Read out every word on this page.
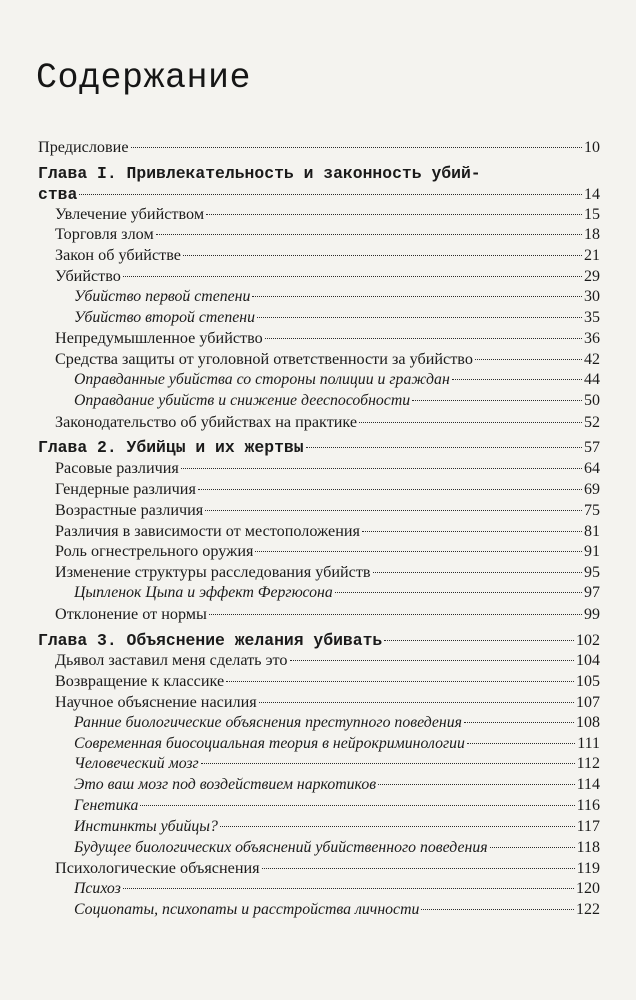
Содержание
Предисловие	10
Глава I. Привлекательность и законность убий-
ства	14
Увлечение убийством	15
Торговля злом	18
Закон об убийстве	21
Убийство	29
Убийство первой степени	30
Убийство второй степени	35
Непредумышленное убийство	36
Средства защиты от уголовной ответственности за убийство	42
Оправданные убийства со стороны полиции и граждан	44
Оправдание убийств и снижение дееспособности	50
Законодательство об убийствах на практике	52
Глава 2. Убийцы и их жертвы	57
Расовые различия	64
Гендерные различия	69
Возрастные различия	75
Различия в зависимости от местоположения	81
Роль огнестрельного оружия	91
Изменение структуры расследования убийств	95
Цыпленок Цыпа и эффект Фергюсона	97
Отклонение от нормы	99
Глава 3. Объяснение желания убивать	102
Дьявол заставил меня сделать это	104
Возвращение к классике	105
Научное объяснение насилия	107
Ранние биологические объяснения преступного поведения	108
Современная биосоциальная теория в нейрокриминологии	111
Человеческий мозг	112
Это ваш мозг под воздействием наркотиков	114
Генетика	116
Инстинкты убийцы?	117
Будущее биологических объяснений убийственного поведения	118
Психологические объяснения	119
Психоз	120
Социопаты, психопаты и расстройства личности	122
